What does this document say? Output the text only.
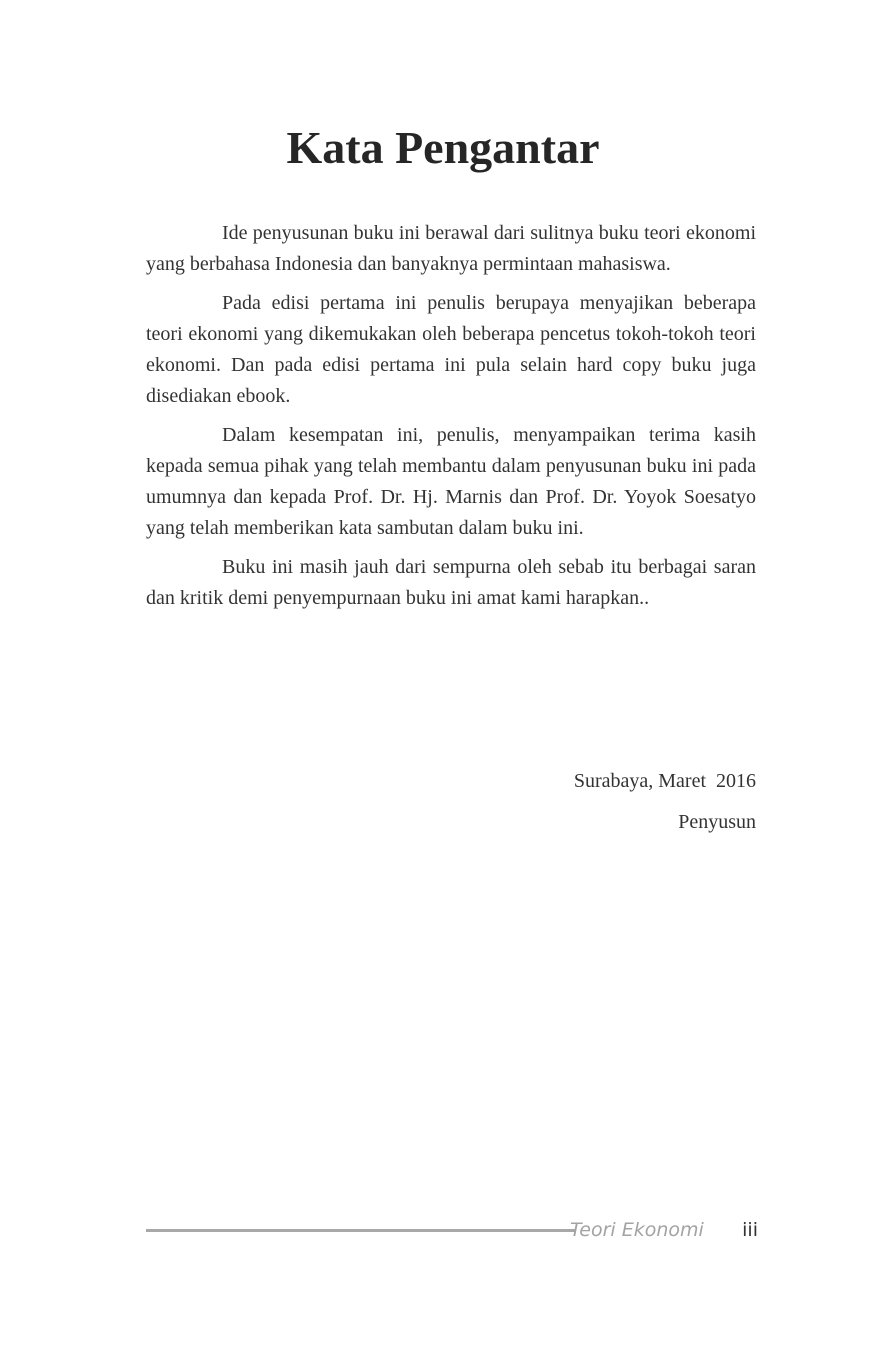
Kata Pengantar

Ide penyusunan buku ini berawal dari sulitnya buku teori ekonomi yang berbahasa Indonesia dan banyaknya permintaan mahasiswa.

Pada edisi pertama ini penulis berupaya menyajikan beberapa teori ekonomi yang dikemukakan oleh beberapa pencetus tokoh-tokoh teori ekonomi. Dan pada edisi pertama ini pula selain hard copy buku juga disediakan ebook.

Dalam kesempatan ini, penulis, menyampaikan terima kasih kepada semua pihak yang telah membantu dalam penyusunan buku ini pada umumnya dan kepada Prof. Dr. Hj. Marnis dan Prof. Dr. Yoyok Soesatyo yang telah memberikan kata sambutan dalam buku ini.

Buku ini masih jauh dari sempurna oleh sebab itu berbagai saran dan kritik demi penyempurnaan buku ini amat kami harapkan..

Surabaya, Maret  2016

Penyusun

Teori Ekonomi iii
